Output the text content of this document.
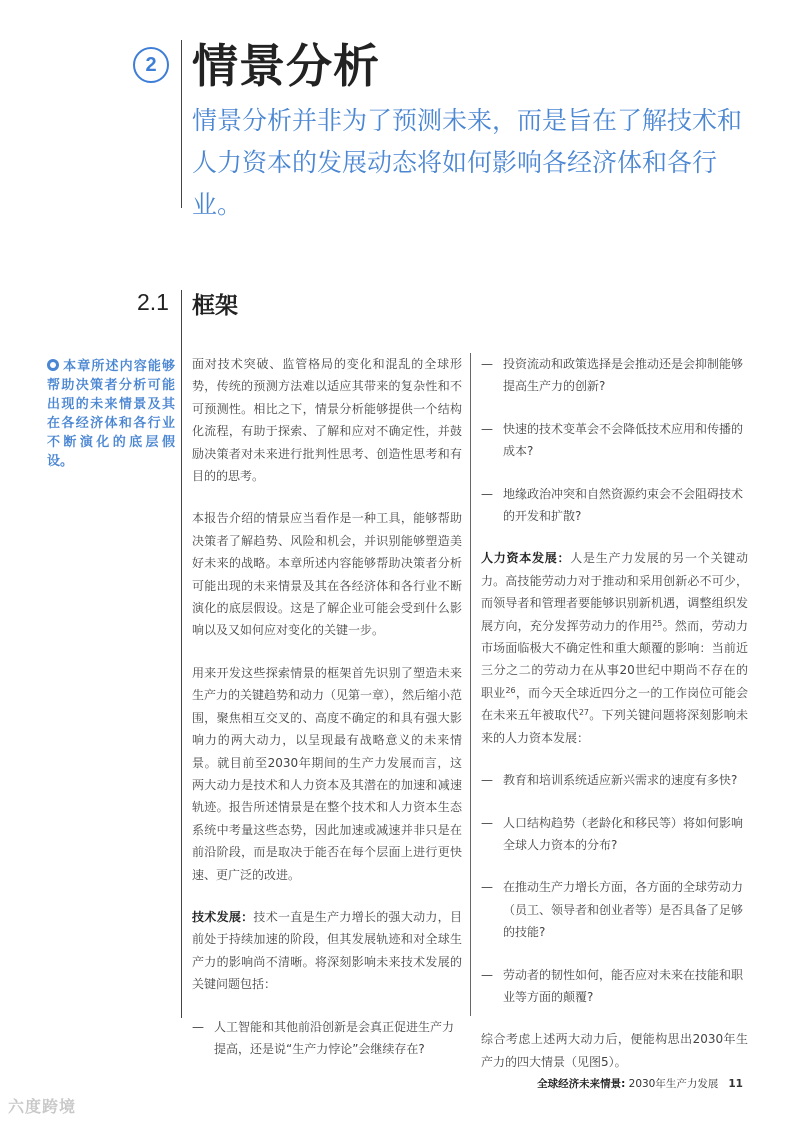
2 情景分析
情景分析并非为了预测未来，而是旨在了解技术和人力资本的发展动态将如何影响各经济体和各行业。
2.1 框架
本章所述内容能够帮助决策者分析可能出现的未来情景及其在各经济体和各行业不断演化的底层假设。

面对技术突破、监管格局的变化和混乱的全球形势，传统的预测方法难以适应其带来的复杂性和不可预测性。相比之下，情景分析能够提供一个结构化流程，有助于探索、了解和应对不确定性，并鼓励决策者对未来进行批判性思考、创造性思考和有目的的思考。

本报告介绍的情景应当看作是一种工具，能够帮助决策者了解趋势、风险和机会，并识别能够塑造美好未来的战略。本章所述内容能够帮助决策者分析可能出现的未来情景及其在各经济体和各行业不断演化的底层假设。这是了解企业可能会受到什么影响以及又如何应对变化的关键一步。

用来开发这些探索情景的框架首先识别了塑造未来生产力的关键趋势和动力（见第一章），然后缩小范围，聚焦相互交叉的、高度不确定的和具有强大影响力的两大动力，以呈现最有战略意义的未来情景。就目前至2030年期间的生产力发展而言，这两大动力是技术和人力资本及其潜在的加速和减速轨迹。报告所述情景是在整个技术和人力资本生态系统中考量这些态势，因此加速或减速并非只是在前沿阶段，而是取决于能否在每个层面上进行更快速、更广泛的改进。

技术发展：技术一直是生产力增长的强大动力，目前处于持续加速的阶段，但其发展轨迹和对全球生产力的影响尚不清晰。将深刻影响未来技术发展的关键问题包括：

— 人工智能和其他前沿创新是会真正促进生产力提高，还是说“生产力悖论”会继续存在?
— 投资流动和政策选择是会推动还是会抑制能够提高生产力的创新?
— 快速的技术变革会不会降低技术应用和传播的成本?
— 地缘政治冲突和自然资源约束会不会阻碍技术的开发和扩散?

人力资本发展：人是生产力发展的另一个关键动力。高技能劳动力对于推动和采用创新必不可少，而领导者和管理者要能够识别新机遇，调整组织发展方向，充分发挥劳动力的作用$^{25}$。然而，劳动力市场面临极大不确定性和重大颠覆的影响：当前近三分之二的劳动力在从事20世纪中期尚不存在的职业$^{26}$，而今天全球近四分之一的工作岗位可能会在未来五年被取代$^{27}$。下列关键问题将深刻影响未来的人力资本发展：

— 教育和培训系统适应新兴需求的速度有多快?
— 人口结构趋势（老龄化和移民等）将如何影响全球人力资本的分布?
— 在推动生产力增长方面，各方面的全球劳动力（员工、领导者和创业者等）是否具备了足够的技能?
— 劳动者的韧性如何，能否应对未来在技能和职业等方面的颠覆?

综合考虑上述两大动力后，便能构思出2030年生产力的四大情景（见图5）。

全球经济未来情景: 2030年生产力发展 11
六度跨境
